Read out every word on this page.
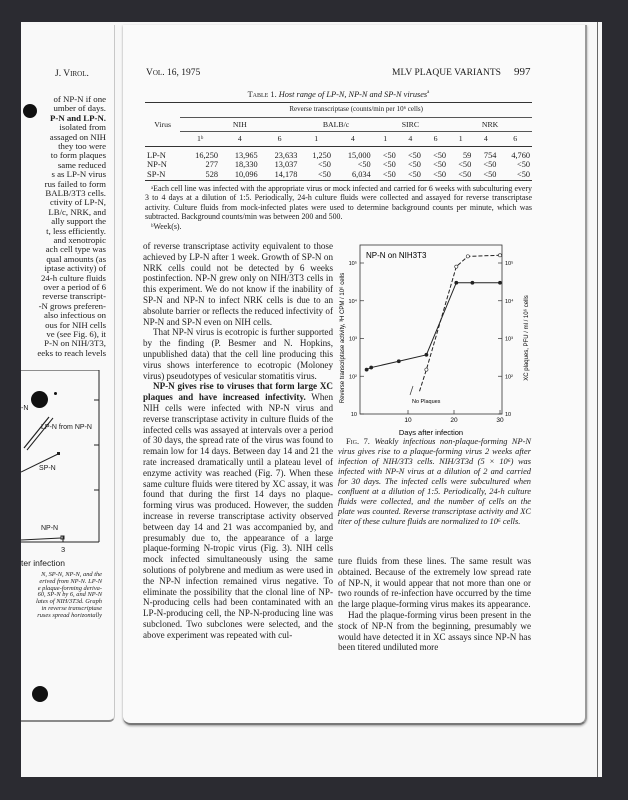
J. Virol.
of NP-N if one
umber of days.
P-N and LP-N.
isolated from
assaged on NIH
they too were
to form plaques
same reduced
s as LP-N virus
rus failed to form
BALB/3T3 cells.
ctivity of LP-N,
LB/c, NRK, and
ally support the
t, less efficiently.
and xenotropic
ach cell type was
qual amounts (as
iptase activity) of
24-h culture fluids
over a period of 6
reverse transcript-
-N grows preferen-
also infectious on
ous for NIH cells
ve (see Fig. 6), it
P-N on NIH/3T3,
eeks to reach levels
-N
LP-N from NP-N
SP-N
NP-N
3
ter infection
N, SP-N, NP-N, and the
erived from NP-N. LP-N
e plaque-forming deriva-
60, SP-N by 6, and NP-N
lates of NIH/3T3d. Graph
in reverse transcriptase
ruses spread horizontally
Vol. 16, 1975	MLV PLAQUE VARIANTS 997
Table 1. Host range of LP-N, NP-N and SP-N viruses$^a$
Virus	Reverse transcriptase (counts/min per 10⁶ cells)										
	NIH			BALB/c		SIRC			NRK		
	1ᵇ	4	6	1	4	1	4	6	1	4	6
LP-N	16,250	13,965	23,633	1,250	15,000	<50	<50	<50	59	754	4,760
NP-N	277	18,330	13,037	<50	<50	<50	<50	<50	<50	<50	<50
SP-N	528	10,096	14,178	<50	6,034	<50	<50	<50	<50	<50	<50

ᵃEach cell line was infected with the appropriate virus or mock infected and carried for 6 weeks with subculturing every 3 to 4 days at a dilution of 1:5. Periodically, 24-h culture fluids were collected and assayed for reverse transcriptase activity. Culture fluids from mock-infected plates were used to determine background counts per minute, which was subtracted. Background counts/min was between 200 and 500.

ᵇWeek(s).

of reverse transcriptase activity equivalent to those achieved by LP-N after 1 week. Growth of SP-N on NRK cells could not be detected by 6 weeks postinfection. NP-N grew only on NIH/3T3 cells in this experiment. We do not know if the inability of SP-N and NP-N to infect NRK cells is due to an absolute barrier or reflects the reduced infectivity of NP-N and SP-N even on NIH cells.

That NP-N virus is ecotropic is further supported by the finding (P. Besmer and N. Hopkins, unpublished data) that the cell line producing this virus shows interference to ecotropic (Moloney virus) pseudotypes of vesicular stomatitis virus.

NP-N gives rise to viruses that form large XC plaques and have increased infectivity. When NIH cells were infected with NP-N virus and reverse transcriptase activity in culture fluids of the infected cells was assayed at intervals over a period of 30 days, the spread rate of the virus was found to remain low for 14 days. Between day 14 and 21 the rate increased dramatically until a plateau level of enzyme activity was reached (Fig. 7). When these same culture fluids were titered by XC assay, it was found that during the first 14 days no plaque-forming virus was produced. However, the sudden increase in reverse transcriptase activity observed between day 14 and 21 was accompanied by, and presumably due to, the appearance of a large plaque-forming N-tropic virus (Fig. 3). NIH cells mock infected simultaneously using the same solutions of polybrene and medium as were used in the NP-N infection remained virus negative. To eliminate the possibility that the clonal line of NP-N-producing cells had been contaminated with an LP-N-producing cell, the NP-N-producing line was subcloned. Two subclones were selected, and the above experiment was repeated with cul-

NP-N on NIH3T3
10	10
10²	10²
10³	10³
10⁴	10⁴
10⁵	10⁵
10	20	30
No Plaques
Days after infection
Reverse transcriptase activity, ³H CPM / 10⁶ cells	XC plaques, PFU / ml / 10⁶ cells
Fig. 7. Weakly infectious non-plaque-forming NP-N virus gives rise to a plaque-forming virus 2 weeks after infection of NIH/3T3 cells. NIH/3T3d (5 × 10⁶) was infected with NP-N virus at a dilution of 2 and carried for 30 days. The infected cells were subcultured when confluent at a dilution of 1:5. Periodically, 24-h culture fluids were collected, and the number of cells on the plate was counted. Reverse transcriptase activity and XC titer of these culture fluids are normalized to 10⁶ cells.

ture fluids from these lines. The same result was obtained. Because of the extremely low spread rate of NP-N, it would appear that not more than one or two rounds of re-infection have occurred by the time the large plaque-forming virus makes its appearance.

Had the plaque-forming virus been present in the stock of NP-N from the beginning, presumably we would have detected it in XC assays since NP-N has been titered undiluted more
